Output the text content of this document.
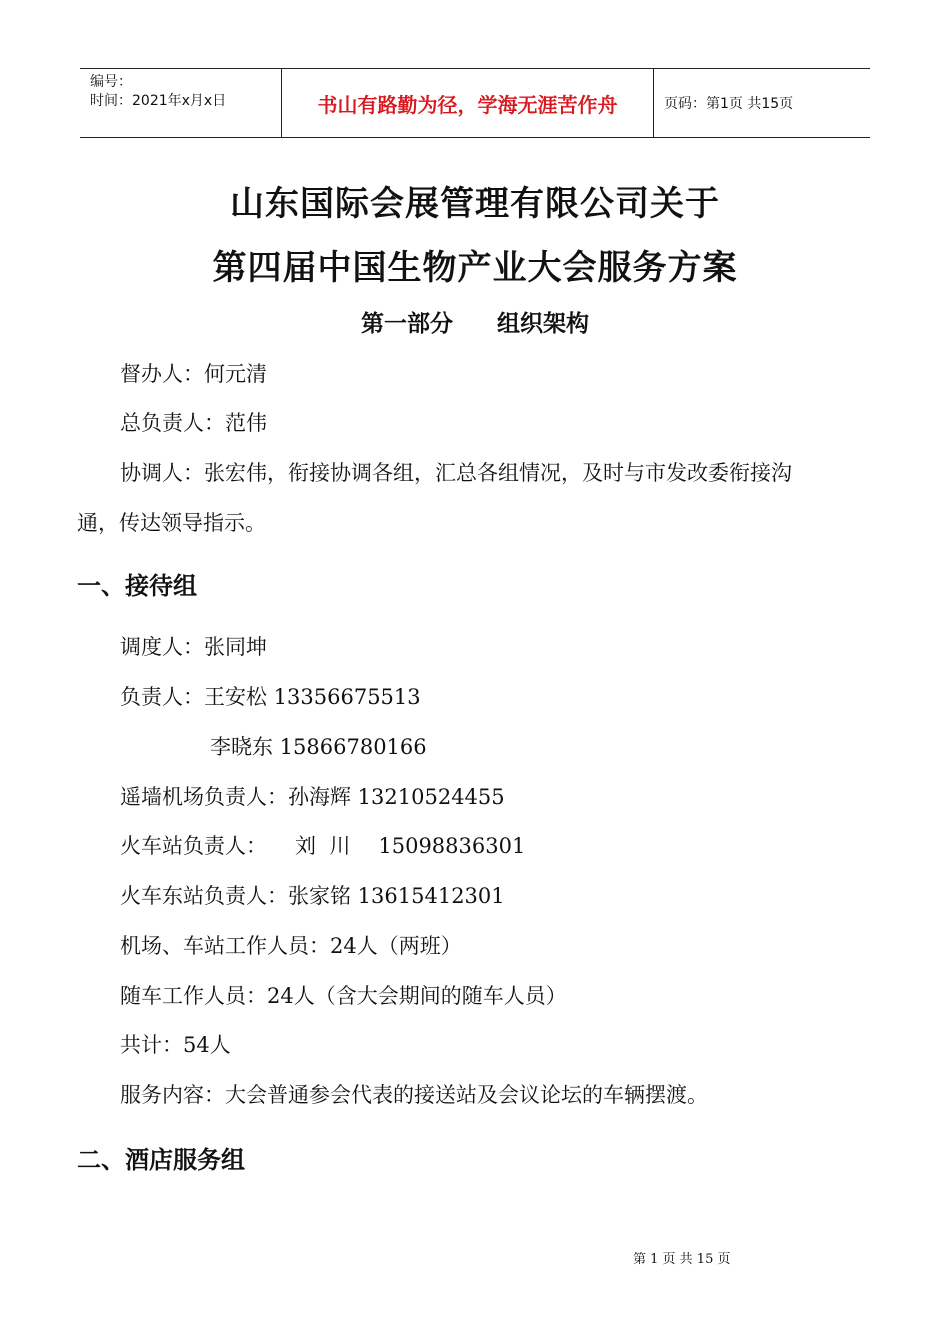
编号：
时间：2021年x月x日	书山有路勤为径，学海无涯苦作舟	页码：第1页 共15页
山东国际会展管理有限公司关于
第四届中国生物产业大会服务方案
第一部分 组织架构
督办人：何元清
总负责人：范伟
协调人：张宏伟，衔接协调各组，汇总各组情况，及时与市发改委衔接沟
通，传达领导指示。
一、接待组
调度人：张同坤
负责人：王安松 13356675513
李晓东 15866780166
遥墙机场负责人：孙海辉 13210524455
火车站负责人： 刘  川 15098836301
火车东站负责人：张家铭 13615412301
机场、车站工作人员：24人（两班）
随车工作人员：24人（含大会期间的随车人员）
共计：54人
服务内容：大会普通参会代表的接送站及会议论坛的车辆摆渡。
二、酒店服务组
第 1 页 共 15 页
